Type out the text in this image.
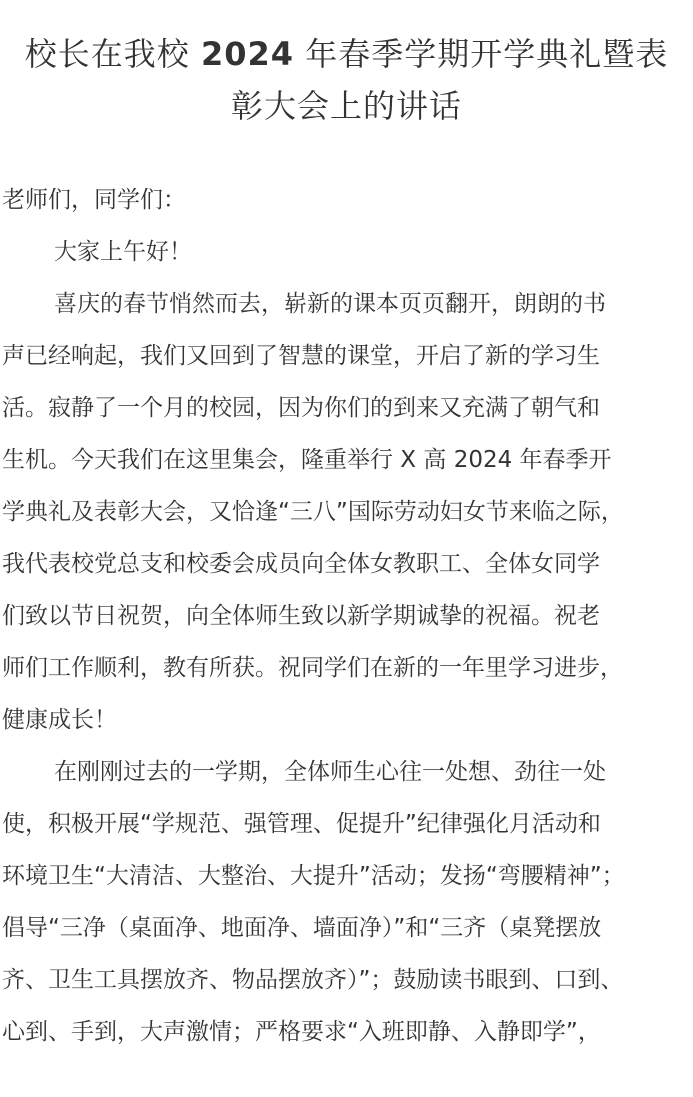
校长在我校 2024 年春季学期开学典礼暨表
彰大会上的讲话
老师们，同学们：
大家上午好！
喜庆的春节悄然而去，崭新的课本页页翻开，朗朗的书
声已经响起，我们又回到了智慧的课堂，开启了新的学习生
活。寂静了一个月的校园，因为你们的到来又充满了朝气和
生机。今天我们在这里集会，隆重举行 X 高 2024 年春季开
学典礼及表彰大会，又恰逢“三八”国际劳动妇女节来临之际，
我代表校党总支和校委会成员向全体女教职工、全体女同学
们致以节日祝贺，向全体师生致以新学期诚挚的祝福。祝老
师们工作顺利，教有所获。祝同学们在新的一年里学习进步，
健康成长！
在刚刚过去的一学期，全体师生心往一处想、劲往一处
使，积极开展“学规范、强管理、促提升”纪律强化月活动和
环境卫生“大清洁、大整治、大提升”活动；发扬“弯腰精神”；
倡导“三净（桌面净、地面净、墙面净）”和“三齐（桌凳摆放
齐、卫生工具摆放齐、物品摆放齐）”；鼓励读书眼到、口到、
心到、手到，大声激情；严格要求“入班即静、入静即学”，
